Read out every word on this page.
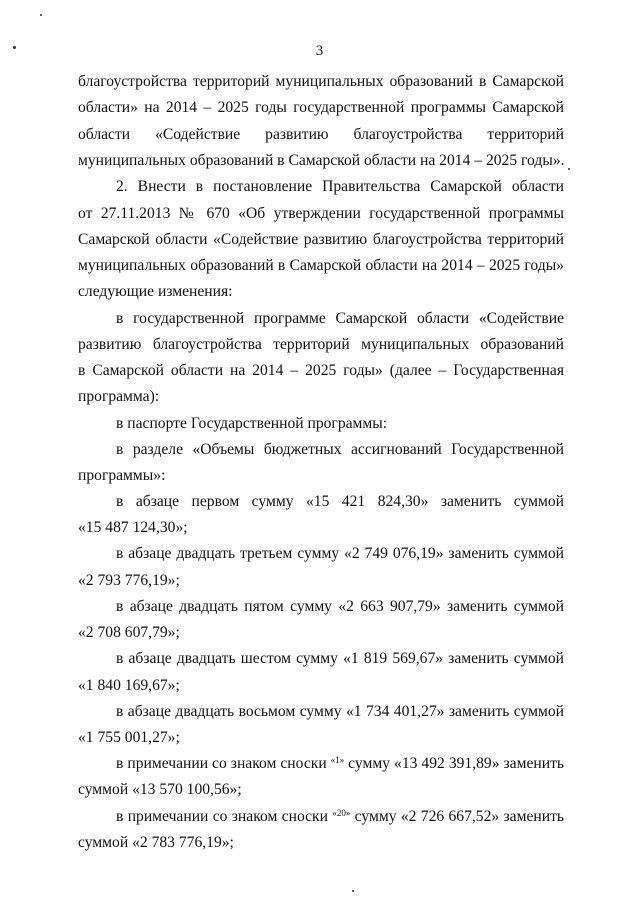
3
благоустройства территорий муниципальных образований в Самарской
области» на 2014 – 2025 годы государственной программы Самарской
области «Содействие развитию благоустройства территорий
муниципальных образований в Самарской области на 2014 – 2025 годы».
2. Внести в постановление Правительства Самарской области
от 27.11.2013 № 670 «Об утверждении государственной программы
Самарской области «Содействие развитию благоустройства территорий
муниципальных образований в Самарской области на 2014 – 2025 годы»
следующие изменения:
в государственной программе Самарской области «Содействие
развитию благоустройства территорий муниципальных образований
в Самарской области на 2014 – 2025 годы» (далее – Государственная
программа):
в паспорте Государственной программы:
в разделе «Объемы бюджетных ассигнований Государственной
программы»:
в абзаце первом сумму «15 421 824,30» заменить суммой
«15 487 124,30»;
в абзаце двадцать третьем сумму «2 749 076,19» заменить суммой
«2 793 776,19»;
в абзаце двадцать пятом сумму «2 663 907,79» заменить суммой
«2 708 607,79»;
в абзаце двадцать шестом сумму «1 819 569,67» заменить суммой
«1 840 169,67»;
в абзаце двадцать восьмом сумму «1 734 401,27» заменить суммой
«1 755 001,27»;
в примечании со знаком сноски $^{«1»}$ сумму «13 492 391,89» заменить
суммой «13 570 100,56»;
в примечании со знаком сноски $^{«20»}$ сумму «2 726 667,52» заменить
суммой «2 783 776,19»;
